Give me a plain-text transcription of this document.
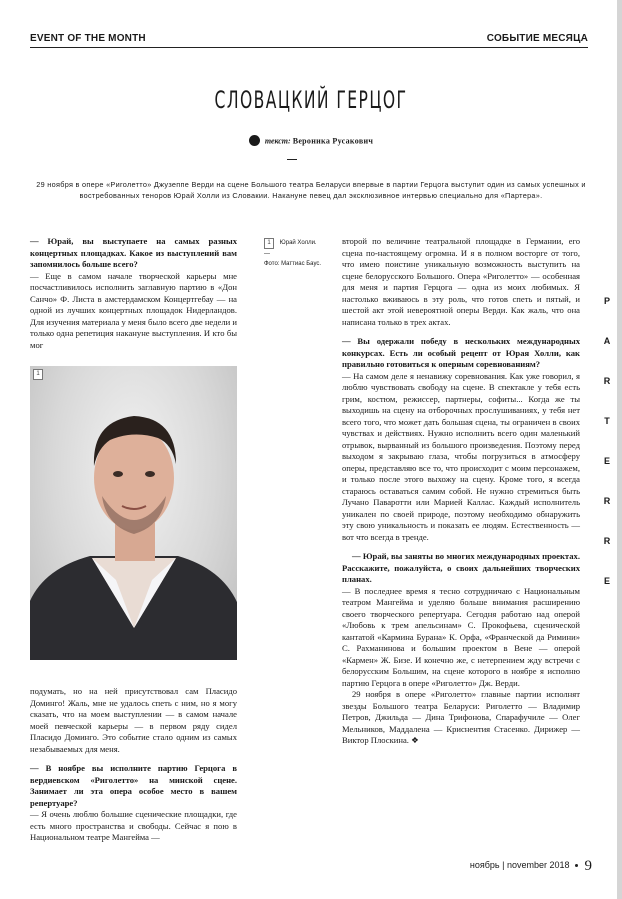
EVENT OF THE MONTH	СОБЫТИЕ МЕСЯЦА
СЛОВАЦКИЙ ГЕРЦОГ
текст: Вероника Русакович
29 ноября в опере «Риголетто» Джузеппе Верди на сцене Большого театра Беларуси впервые в партии Герцога выступит один из самых успешных и востребованных теноров Юрай Холли из Словакии. Накануне певец дал эксклюзивное интервью специально для «Партера».

— Юрай, вы выступаете на самых разных концертных площадках. Какое из выступлений вам запомнилось больше всего?

— Еще в самом начале творческой карьеры мне посчастливилось исполнить заглавную партию в «Дон Санчо» Ф. Листа в амстердамском Концертгебау — на одной из лучших концертных площадок Нидерландов. Для изучения материала у меня было всего две недели и только одна репетиция накануне выступления. И кто бы мог

1
1 Юрай Холли.
—
Фото: Маттиас Баус.

подумать, но на ней присутствовал сам Пласидо Доминго! Жаль, мне не удалось спеть с ним, но я могу сказать, что на моем выступлении — в самом начале моей певческой карьеры — в первом ряду сидел Пласидо Доминго. Это событие стало одним из самых незабываемых для меня.

— В ноябре вы исполните партию Герцога в вердиевском «Риголетто» на минской сцене. Занимает ли эта опера особое место в вашем репертуаре?

— Я очень люблю большие сценические площадки, где есть много пространства и свободы. Сейчас я пою в Национальном театре Мангейма —

второй по величине театральной площадке в Германии, его сцена по-настоящему огромна. И я в полном восторге от того, что имею поистине уникальную возможность выступить на сцене белорусского Большого. Опера «Риголетто» — особенная для меня и партия Герцога — одна из моих любимых. Я настолько вживаюсь в эту роль, что готов спеть и пятый, и шестой акт этой невероятной оперы Верди. Как жаль, что она написана только в трех актах.

— Вы одержали победу в нескольких международных конкурсах. Есть ли особый рецепт от Юрая Холли, как правильно готовиться к оперным соревнованиям?

— На самом деле я ненавижу соревнования. Как уже говорил, я люблю чувствовать свободу на сцене. В спектакле у тебя есть грим, костюм, режиссер, партнеры, софиты... Когда же ты выходишь на сцену на отборочных прослушиваниях, у тебя нет всего того, что может дать большая сцена, ты ограничен в своих чувствах и действиях. Нужно исполнить всего один маленький отрывок, вырванный из большого произведения. Поэтому перед выходом я закрываю глаза, чтобы погрузиться в атмосферу оперы, представляю все то, что происходит с моим персонажем, и только после этого выхожу на сцену. Кроме того, я всегда стараюсь оставаться самим собой. Не нужно стремиться быть Лучано Паваротти или Марией Каллас. Каждый исполнитель уникален по своей природе, поэтому необходимо обнаружить эту свою уникальность и показать ее людям. Естественность — вот что всегда в тренде.

— Юрай, вы заняты во многих международных проектах. Расскажите, пожалуйста, о своих дальнейших творческих планах.

— В последнее время я тесно сотрудничаю с Национальным театром Мангейма и уделяю больше внимания расширению своего творческого репертуара. Сегодня работаю над оперой «Любовь к трем апельсинам» С. Прокофьева, сценической кантатой «Кармина Бурана» К. Орфа, «Франческой да Римини» С. Рахманинова и большим проектом в Вене — оперой «Кармен» Ж. Бизе. И конечно же, с нетерпением жду встречи с белорусским Большим, на сцене которого в ноябре я исполню партию Герцога в опере «Риголетто» Дж. Верди.

29 ноября в опере «Риголетто» главные партии исполнят звезды Большого театра Беларуси: Риголетто — Владимир Петров, Джильда — Дина Трифонова, Спарафучиле — Олег Мельников, Маддалена — Криснентия Стасенко. Дирижер — Виктор Плоскина. ❖

P
A
R
T
E
R
R
E
ноябрь | november 2018 9
